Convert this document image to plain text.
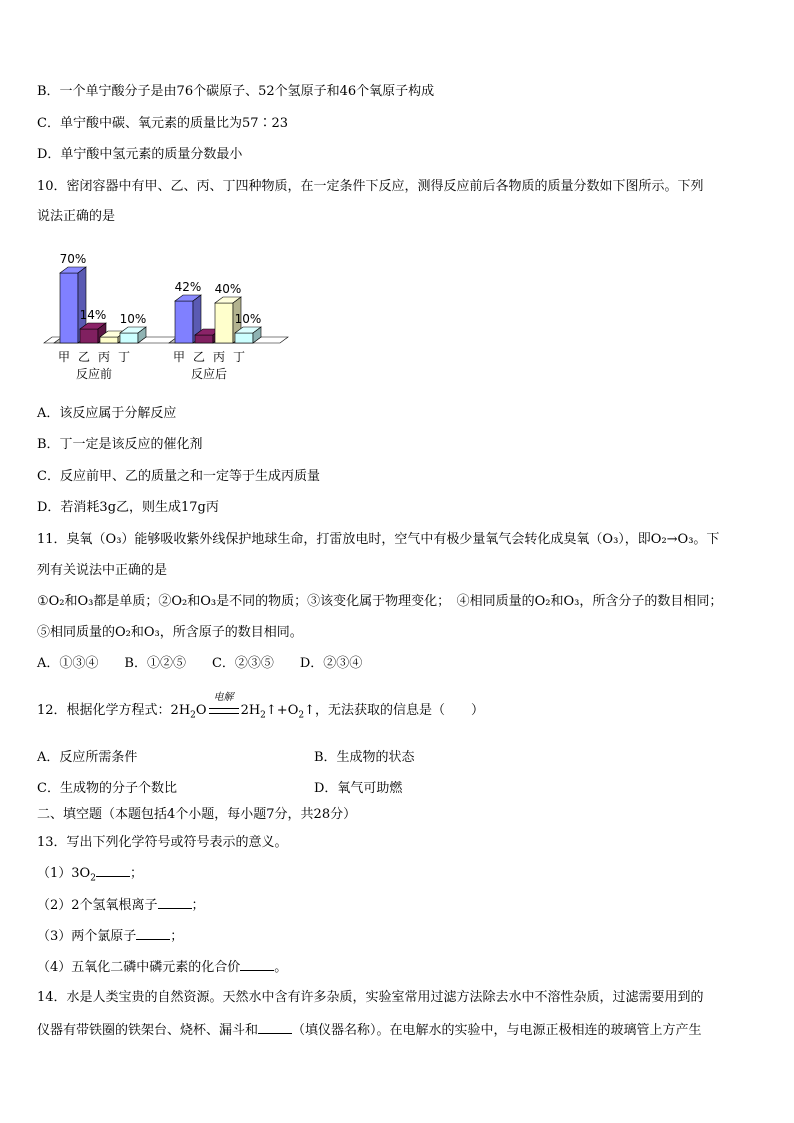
B．一个单宁酸分子是由76个碳原子、52个氢原子和46个氧原子构成
C．单宁酸中碳、氧元素的质量比为57∶23
D．单宁酸中氢元素的质量分数最小
10．密闭容器中有甲、乙、丙、丁四种物质，在一定条件下反应，测得反应前后各物质的质量分数如下图所示。下列
说法正确的是
70%
甲
14%
乙 丙
10%
丁
反应前
42%
甲 乙
40%
丙
10%
丁
反应后
A．该反应属于分解反应
B．丁一定是该反应的催化剂
C．反应前甲、乙的质量之和一定等于生成丙质量
D．若消耗3g乙，则生成17g丙
11．臭氧（O₃）能够吸收紫外线保护地球生命，打雷放电时，空气中有极少量氧气会转化成臭氧（O₃），即O₂→O₃。下
列有关说法中正确的是
①O₂和O₃都是单质；②O₂和O₃是不同的物质；③该变化属于物理变化；　④相同质量的O₂和O₃，所含分子的数目相同；
⑤相同质量的O₂和O₃，所含原子的数目相同。
A．①③④　　B．①②⑤　　C．②③⑤　　D．②③④
12．根据化学方程式：$2H_2O$
电解
$2H_2↑+O_2↑$，无法获取的信息是（　　）
A．反应所需条件	B．生成物的状态
C．生成物的分子个数比	D．氧气可助燃
二、填空题（本题包括4个小题，每小题7分，共28分）
13．写出下列化学符号或符号表示的意义。
$(1)3O_2$	；
（2）2个氢氧根离子	；
（3）两个氯原子	；
（4）五氧化二磷中磷元素的化合价	。
14．水是人类宝贵的自然资源。天然水中含有许多杂质，实验室常用过滤方法除去水中不溶性杂质，过滤需要用到的
仪器有带铁圈的铁架台、烧杯、漏斗和	（填仪器名称）。在电解水的实验中，与电源正极相连的玻璃管上方产生
